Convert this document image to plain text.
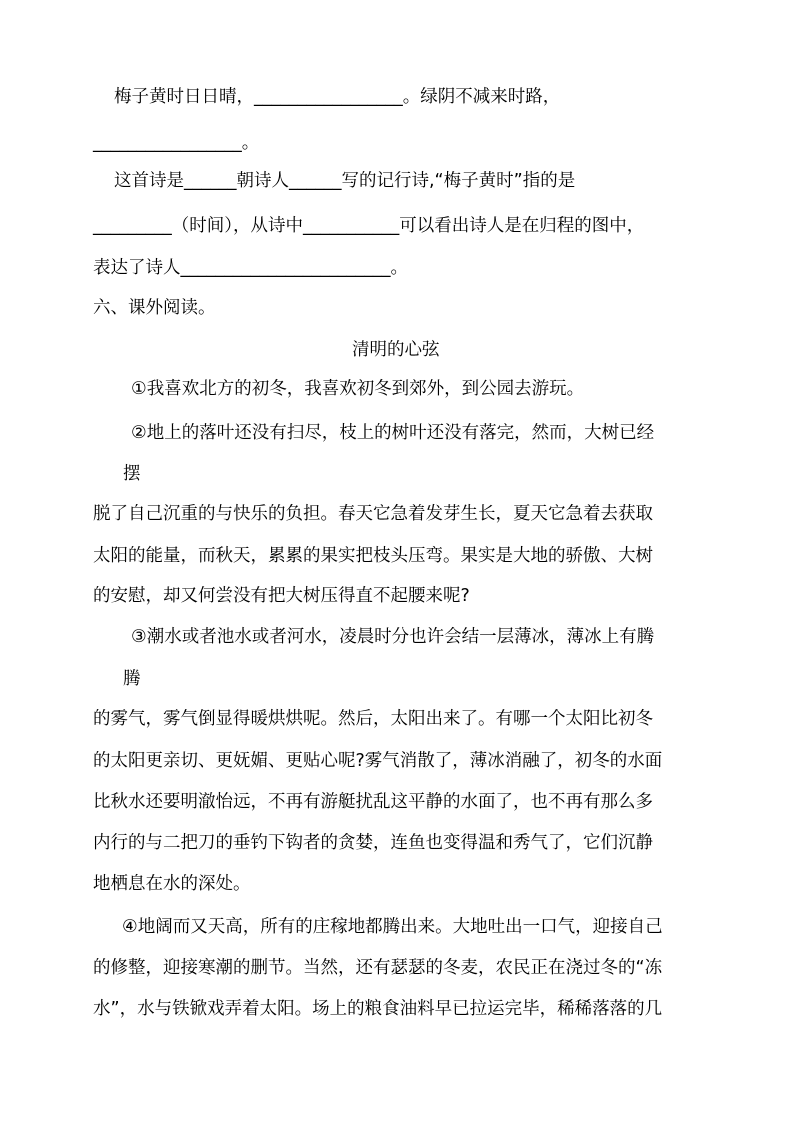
梅子黄时日日晴，_________________。绿阴不减来时路，
_________________。
这首诗是______朝诗人______写的记行诗,“梅子黄时”指的是
_________（时间），从诗中___________可以看出诗人是在归程的图中，
表达了诗人________________________。
六、课外阅读。
清明的心弦
①我喜欢北方的初冬，我喜欢初冬到郊外，到公园去游玩。
②地上的落叶还没有扫尽，枝上的树叶还没有落完，然而，大树已经
摆
脱了自己沉重的与快乐的负担。春天它急着发芽生长，夏天它急着去获取
太阳的能量，而秋天，累累的果实把枝头压弯。果实是大地的骄傲、大树
的安慰，却又何尝没有把大树压得直不起腰来呢?
③潮水或者池水或者河水，凌晨时分也许会结一层薄冰，薄冰上有腾
腾
的雾气，雾气倒显得暖烘烘呢。然后，太阳出来了。有哪一个太阳比初冬
的太阳更亲切、更妩媚、更贴心呢?雾气消散了，薄冰消融了，初冬的水面
比秋水还要明澈怡远，不再有游艇扰乱这平静的水面了，也不再有那么多
内行的与二把刀的垂钓下钩者的贪婪，连鱼也变得温和秀气了，它们沉静
地栖息在水的深处。
④地阔而又天高，所有的庄稼地都腾出来。大地吐出一口气，迎接自己
的修整，迎接寒潮的删节。当然，还有瑟瑟的冬麦，农民正在浇过冬的“冻
水”，水与铁锨戏弄着太阳。场上的粮食油料早已拉运完毕，稀稀落落的几
